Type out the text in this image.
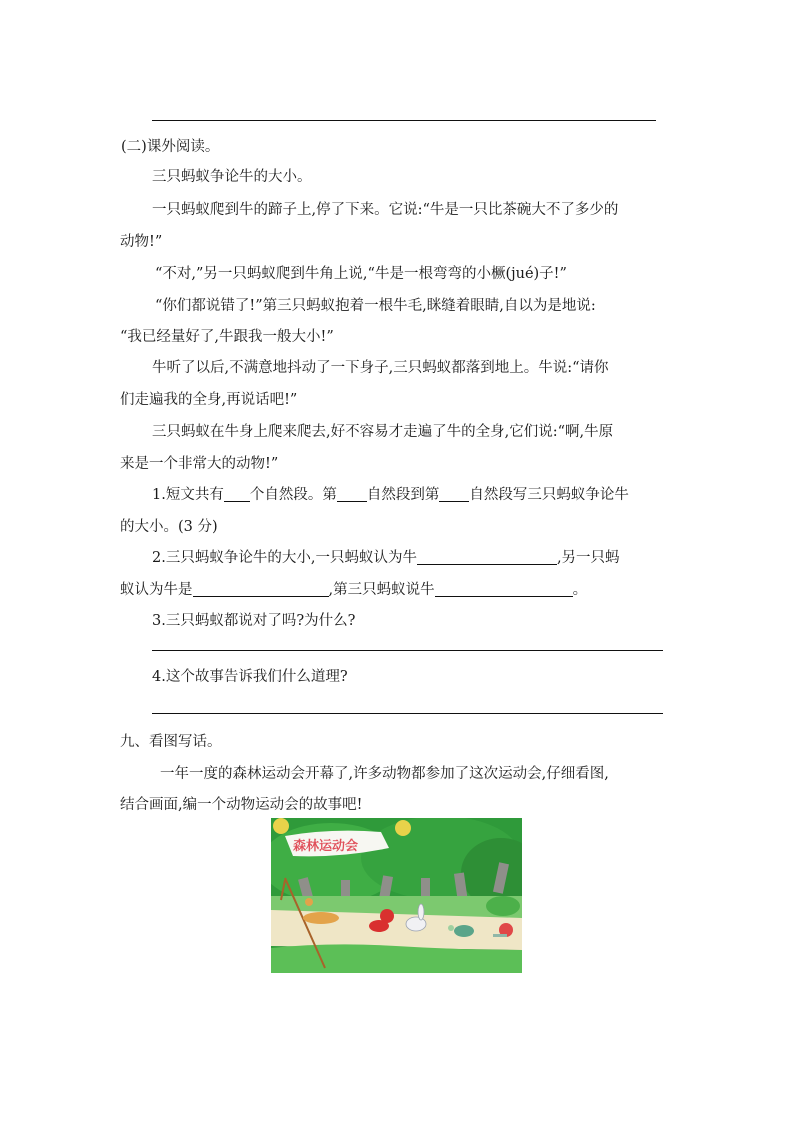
(二)课外阅读。
三只蚂蚁争论牛的大小。
一只蚂蚁爬到牛的蹄子上,停了下来。它说:“牛是一只比茶碗大不了多少的
动物!”
“不对,”另一只蚂蚁爬到牛角上说,“牛是一根弯弯的小橛(jué)子!”
“你们都说错了!”第三只蚂蚁抱着一根牛毛,眯缝着眼睛,自以为是地说:
“我已经量好了,牛跟我一般大小!”
牛听了以后,不满意地抖动了一下身子,三只蚂蚁都落到地上。牛说:“请你
们走遍我的全身,再说话吧!”
三只蚂蚁在牛身上爬来爬去,好不容易才走遍了牛的全身,它们说:“啊,牛原
来是一个非常大的动物!”
1.短文共有 个自然段。第 自然段到第 自然段写三只蚂蚁争论牛
的大小。(3 分)
2.三只蚂蚁争论牛的大小,一只蚂蚁认为牛	,另一只蚂
蚁认为牛是	,第三只蚂蚁说牛	。
3.三只蚂蚁都说对了吗?为什么?
4.这个故事告诉我们什么道理?
九、看图写话。
一年一度的森林运动会开幕了,许多动物都参加了这次运动会,仔细看图,
结合画面,编一个动物运动会的故事吧!
森林运动会
